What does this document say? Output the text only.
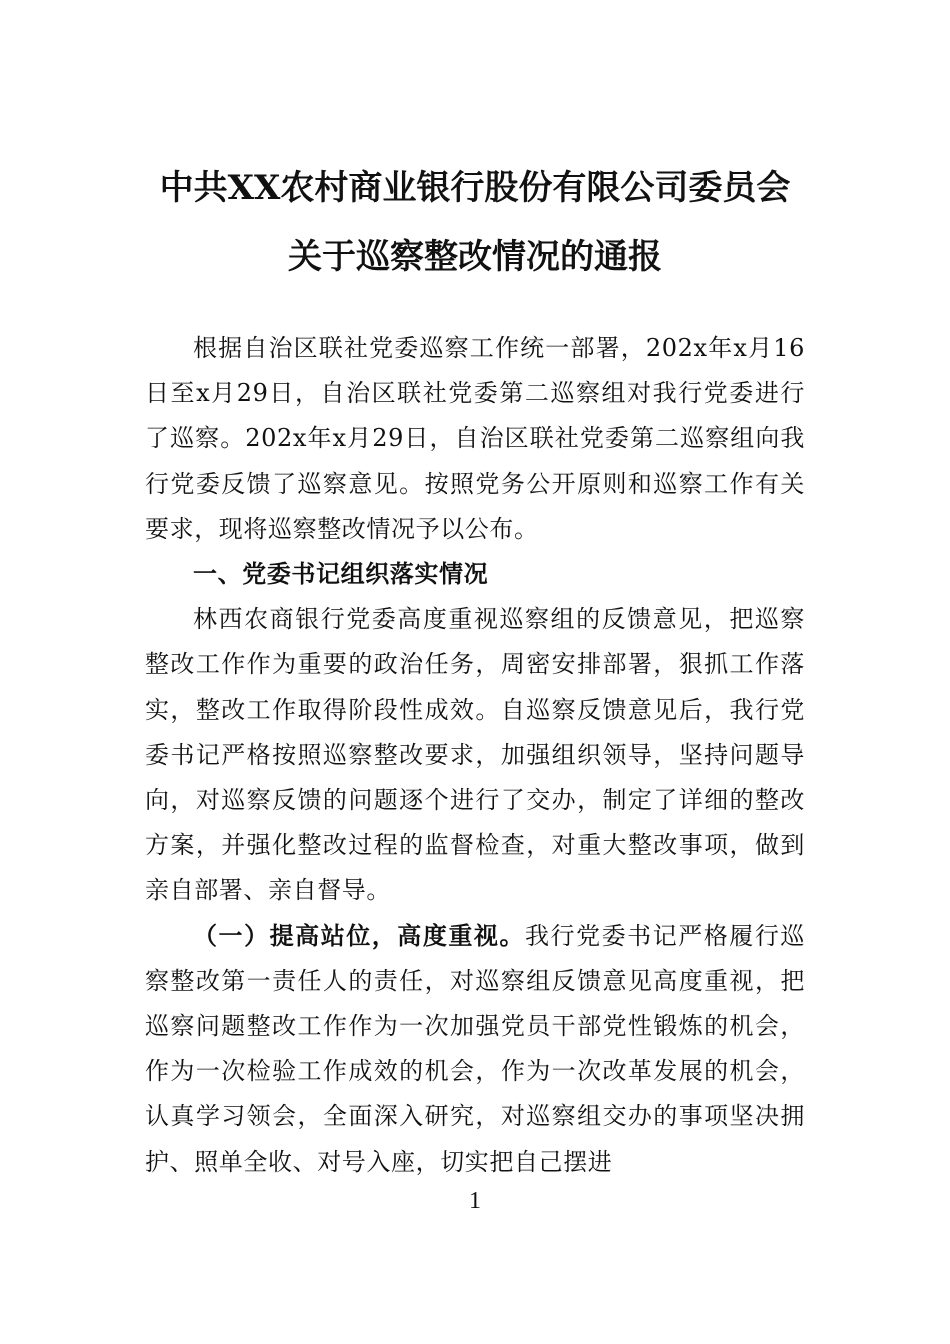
中共XX农村商业银行股份有限公司委员会
关于巡察整改情况的通报

根据自治区联社党委巡察工作统一部署，202x年x月16日至x月29日，自治区联社党委第二巡察组对我行党委进行了巡察。202x年x月29日，自治区联社党委第二巡察组向我行党委反馈了巡察意见。按照党务公开原则和巡察工作有关要求，现将巡察整改情况予以公布。

一、党委书记组织落实情况

林西农商银行党委高度重视巡察组的反馈意见，把巡察整改工作作为重要的政治任务，周密安排部署，狠抓工作落实，整改工作取得阶段性成效。自巡察反馈意见后，我行党委书记严格按照巡察整改要求，加强组织领导，坚持问题导向，对巡察反馈的问题逐个进行了交办，制定了详细的整改方案，并强化整改过程的监督检查，对重大整改事项，做到亲自部署、亲自督导。

（一）提高站位，高度重视。我行党委书记严格履行巡察整改第一责任人的责任，对巡察组反馈意见高度重视，把巡察问题整改工作作为一次加强党员干部党性锻炼的机会，作为一次检验工作成效的机会，作为一次改革发展的机会，认真学习领会，全面深入研究，对巡察组交办的事项坚决拥护、照单全收、对号入座，切实把自己摆进

1
